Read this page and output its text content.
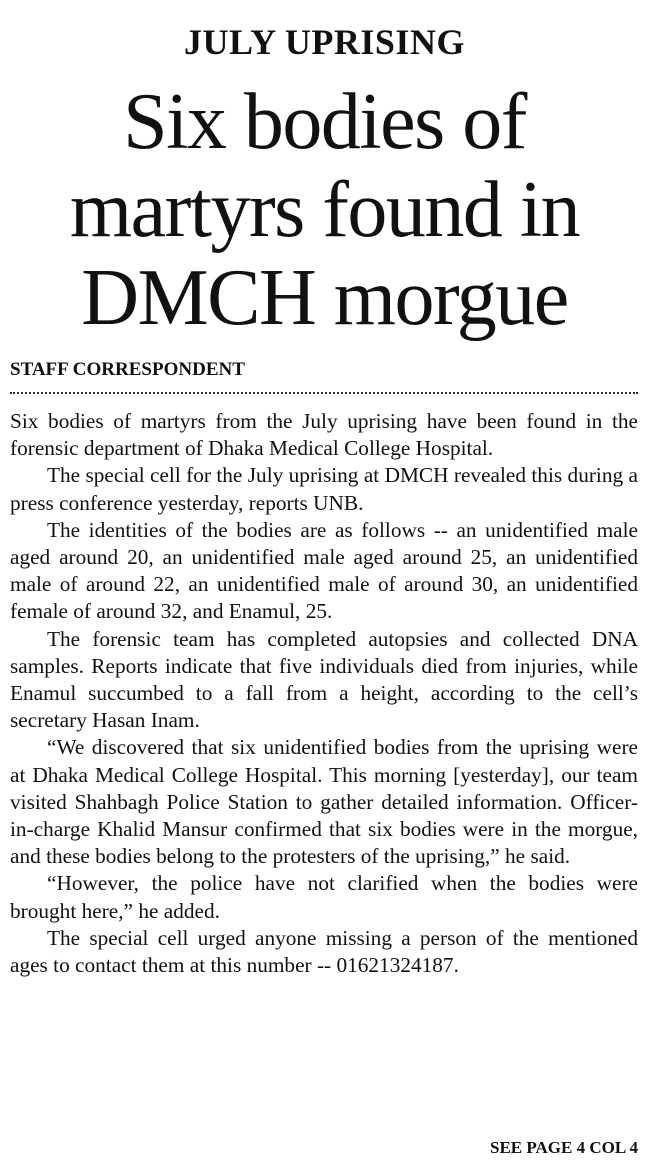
JULY UPRISING
Six bodies of
martyrs found in
DMCH morgue
STAFF CORRESPONDENT

Six bodies of martyrs from the July uprising have been found in the forensic department of Dhaka Medical College Hospital.

The special cell for the July uprising at DMCH revealed this during a press conference yesterday, reports UNB.

The identities of the bodies are as follows -- an unidentified male aged around 20, an unidentified male aged around 25, an unidentified male of around 22, an unidentified male of around 30, an unidentified female of around 32, and Enamul, 25.

The forensic team has completed autopsies and collected DNA samples. Reports indicate that five individuals died from injuries, while Enamul succumbed to a fall from a height, according to the cell’s secretary Hasan Inam.

“We discovered that six unidentified bodies from the uprising were at Dhaka Medical College Hospital. This morning [yesterday], our team visited Shahbagh Police Station to gather detailed information. Officer-in-charge Khalid Mansur confirmed that six bodies were in the morgue, and these bodies belong to the protesters of the uprising,” he said.

“However, the police have not clarified when the bodies were brought here,” he added.

The special cell urged anyone missing a person of the mentioned ages to contact them at this number -- 01621324187.

SEE PAGE 4 COL 4
